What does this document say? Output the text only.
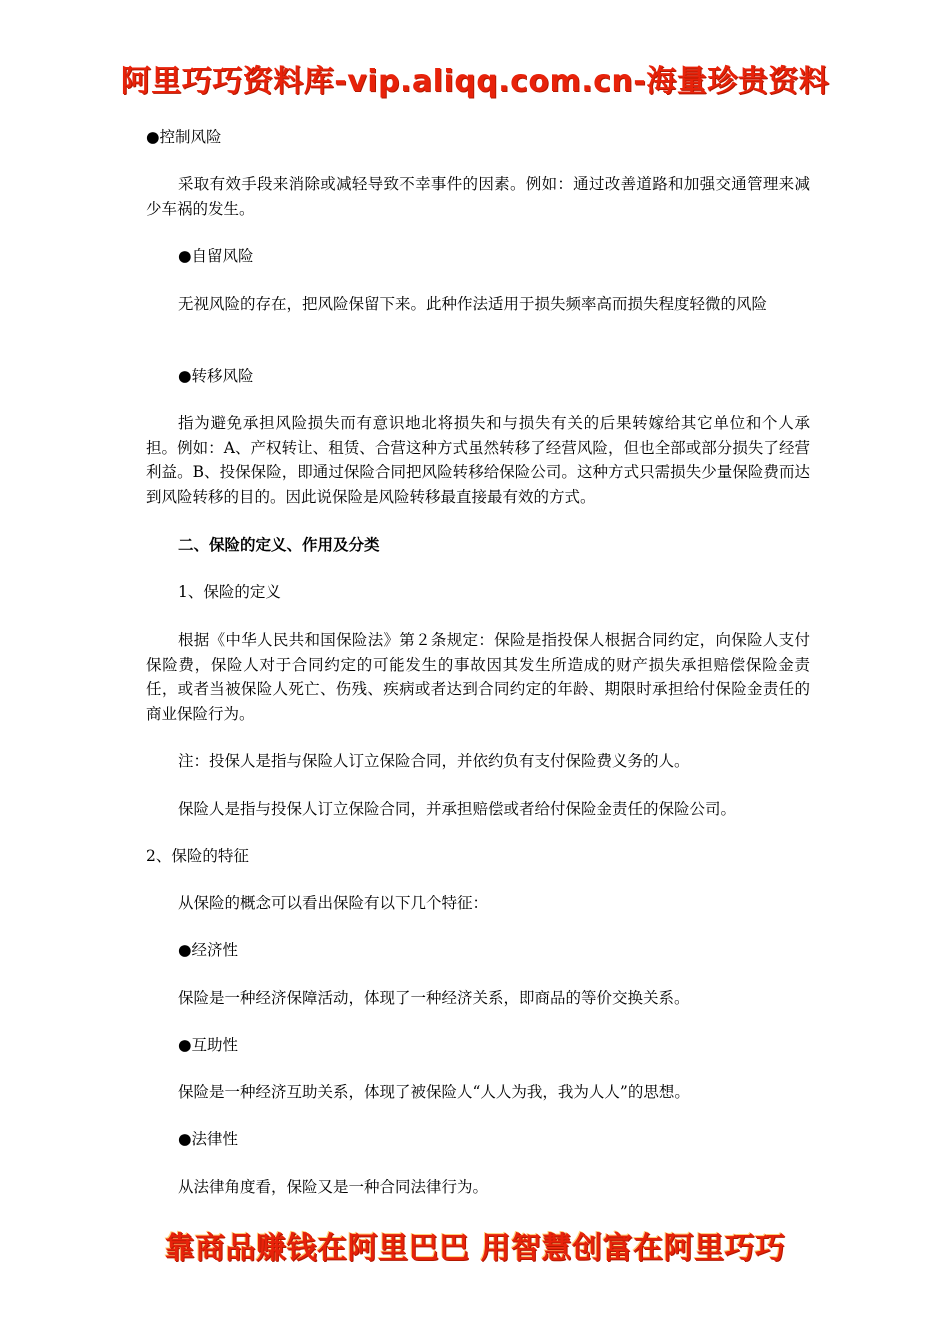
阿里巧巧资料库-vip.aliqq.com.cn-海量珍贵资料
●控制风险
采取有效手段来消除或减轻导致不幸事件的因素。例如：通过改善道路和加强交通管理来减少车祸的发生。
●自留风险
无视风险的存在，把风险保留下来。此种作法适用于损失频率高而损失程度轻微的风险
●转移风险
指为避免承担风险损失而有意识地北将损失和与损失有关的后果转嫁给其它单位和个人承担。例如：A、产权转让、租赁、合营这种方式虽然转移了经营风险，但也全部或部分损失了经营利益。B、投保保险，即通过保险合同把风险转移给保险公司。这种方式只需损失少量保险费而达到风险转移的目的。因此说保险是风险转移最直接最有效的方式。
二、保险的定义、作用及分类
1、保险的定义
根据《中华人民共和国保险法》第２条规定：保险是指投保人根据合同约定，向保险人支付保险费，保险人对于合同约定的可能发生的事故因其发生所造成的财产损失承担赔偿保险金责任，或者当被保险人死亡、伤残、疾病或者达到合同约定的年龄、期限时承担给付保险金责任的商业保险行为。
注：投保人是指与保险人订立保险合同，并依约负有支付保险费义务的人。
保险人是指与投保人订立保险合同，并承担赔偿或者给付保险金责任的保险公司。
2、保险的特征
从保险的概念可以看出保险有以下几个特征：
●经济性
保险是一种经济保障活动，体现了一种经济关系，即商品的等价交换关系。
●互助性
保险是一种经济互助关系，体现了被保险人“人人为我，我为人人”的思想。
●法律性
从法律角度看，保险又是一种合同法律行为。
靠商品赚钱在阿里巴巴 用智慧创富在阿里巧巧
